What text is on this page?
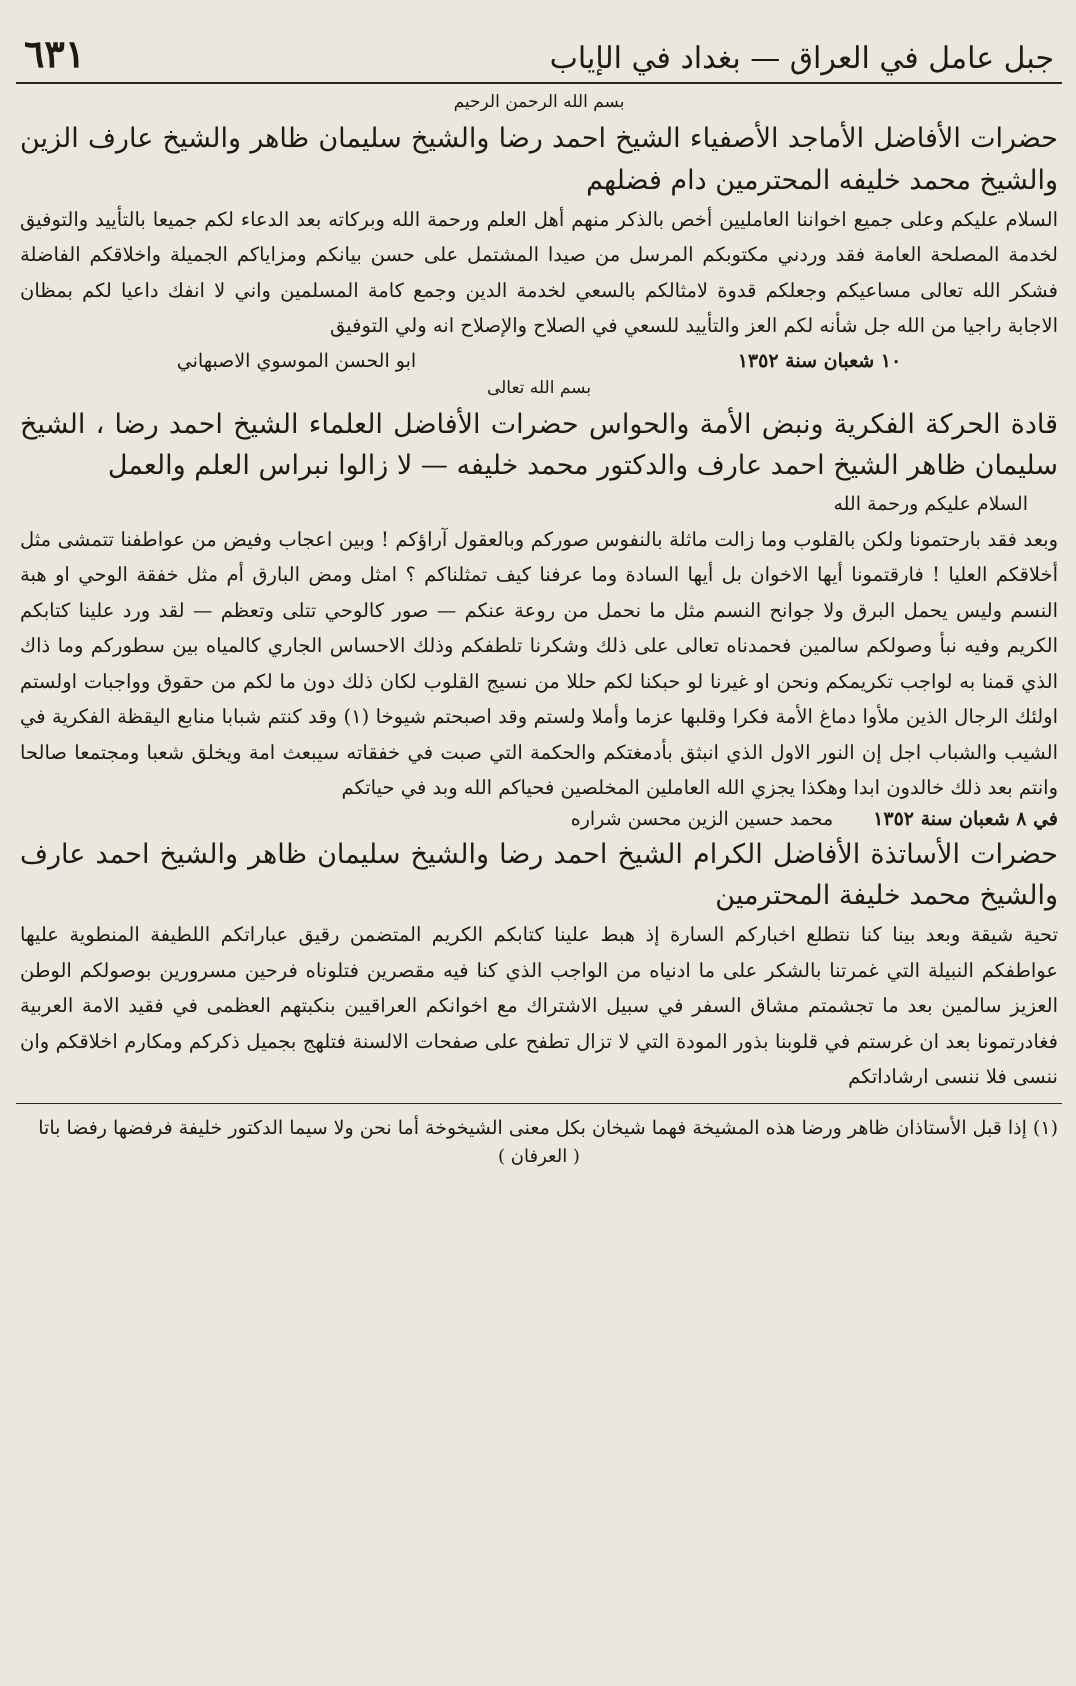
جبل عامل في العراق — بغداد في الإياب
٦٣١
بسم الله الرحمن الرحيم

حضرات الأفاضل الأماجد الأصفياء الشيخ احمد رضا والشيخ سليمان ظاهر والشيخ عارف الزين والشيخ محمد خليفه المحترمين دام فضلهم

السلام عليكم وعلى جميع اخواننا العامليين أخص بالذكر منهم أهل العلم ورحمة الله وبركاته بعد الدعاء لكم جميعا بالتأييد والتوفيق لخدمة المصلحة العامة فقد وردني مكتوبكم المرسل من صيدا المشتمل على حسن بيانكم ومزاياكم الجميلة واخلاقكم الفاضلة فشكر الله تعالى مساعيكم وجعلكم قدوة لامثالكم بالسعي لخدمة الدين وجمع كامة المسلمين واني لا انفك داعيا لكم بمظان الاجابة راجيا من الله جل شأنه لكم العز والتأييد للسعي في الصلاح والإصلاح انه ولي التوفيق

١٠ شعبان سنة ١٣٥٢
ابو الحسن الموسوي الاصبهاني
بسم الله تعالى

قادة الحركة الفكرية ونبض الأمة والحواس حضرات الأفاضل العلماء الشيخ احمد رضا ، الشيخ سليمان ظاهر الشيخ احمد عارف والدكتور محمد خليفه — لا زالوا نبراس العلم والعمل

السلام عليكم ورحمة الله

وبعد فقد بارحتمونا ولكن بالقلوب وما زالت ماثلة بالنفوس صوركم وبالعقول آراؤكم ! وبين اعجاب وفيض من عواطفنا تتمشى مثل أخلاقكم العليا ! فارقتمونا أيها الاخوان بل أيها السادة وما عرفنا كيف تمثلناكم ؟ امثل ومض البارق أم مثل خفقة الوحي او هبة النسم وليس يحمل البرق ولا جوانح النسم مثل ما نحمل من روعة عنكم — صور كالوحي تتلى وتعظم — لقد ورد علينا كتابكم الكريم وفيه نبأ وصولكم سالمين فحمدناه تعالى على ذلك وشكرنا تلطفكم وذلك الاحساس الجاري كالمياه بين سطوركم وما ذاك الذي قمنا به لواجب تكريمكم ونحن او غيرنا لو حبكنا لكم حللا من نسيج القلوب لكان ذلك دون ما لكم من حقوق وواجبات اولستم اولئك الرجال الذين ملأوا دماغ الأمة فكرا وقلبها عزما وأملا ولستم وقد اصبحتم شيوخا (١) وقد كنتم شبابا منابع اليقظة الفكرية في الشيب والشباب اجل إن النور الاول الذي انبثق بأدمغتكم والحكمة التي صبت في خفقاته سيبعث امة ويخلق شعبا ومجتمعا صالحا وانتم بعد ذلك خالدون ابدا وهكذا يجزي الله العاملين المخلصين فحياكم الله وبد في حياتكم

في ٨ شعبان سنة ١٣٥٢
محمد حسين الزين محسن شراره

حضرات الأساتذة الأفاضل الكرام الشيخ احمد رضا والشيخ سليمان ظاهر والشيخ احمد عارف والشيخ محمد خليفة المحترمين

تحية شيقة وبعد بينا كنا نتطلع اخباركم السارة إذ هبط علينا كتابكم الكريم المتضمن رقيق عباراتكم اللطيفة المنطوية عليها عواطفكم النبيلة التي غمرتنا بالشكر على ما ادنياه من الواجب الذي كنا فيه مقصرين فتلوناه فرحين مسرورين بوصولكم الوطن العزيز سالمين بعد ما تجشمتم مشاق السفر في سبيل الاشتراك مع اخوانكم العراقيين بنكبتهم العظمى في فقيد الامة العربية فغادرتمونا بعد ان غرستم في قلوبنا بذور المودة التي لا تزال تطفح على صفحات الالسنة فتلهج بجميل ذكركم ومكارم اخلاقكم وان ننسى فلا ننسى ارشاداتكم

(١) إذا قبل الأستاذان ظاهر ورضا هذه المشيخة فهما شيخان بكل معنى الشيخوخة أما نحن ولا سيما الدكتور خليفة فرفضها رفضا باتا

( العرفان )
